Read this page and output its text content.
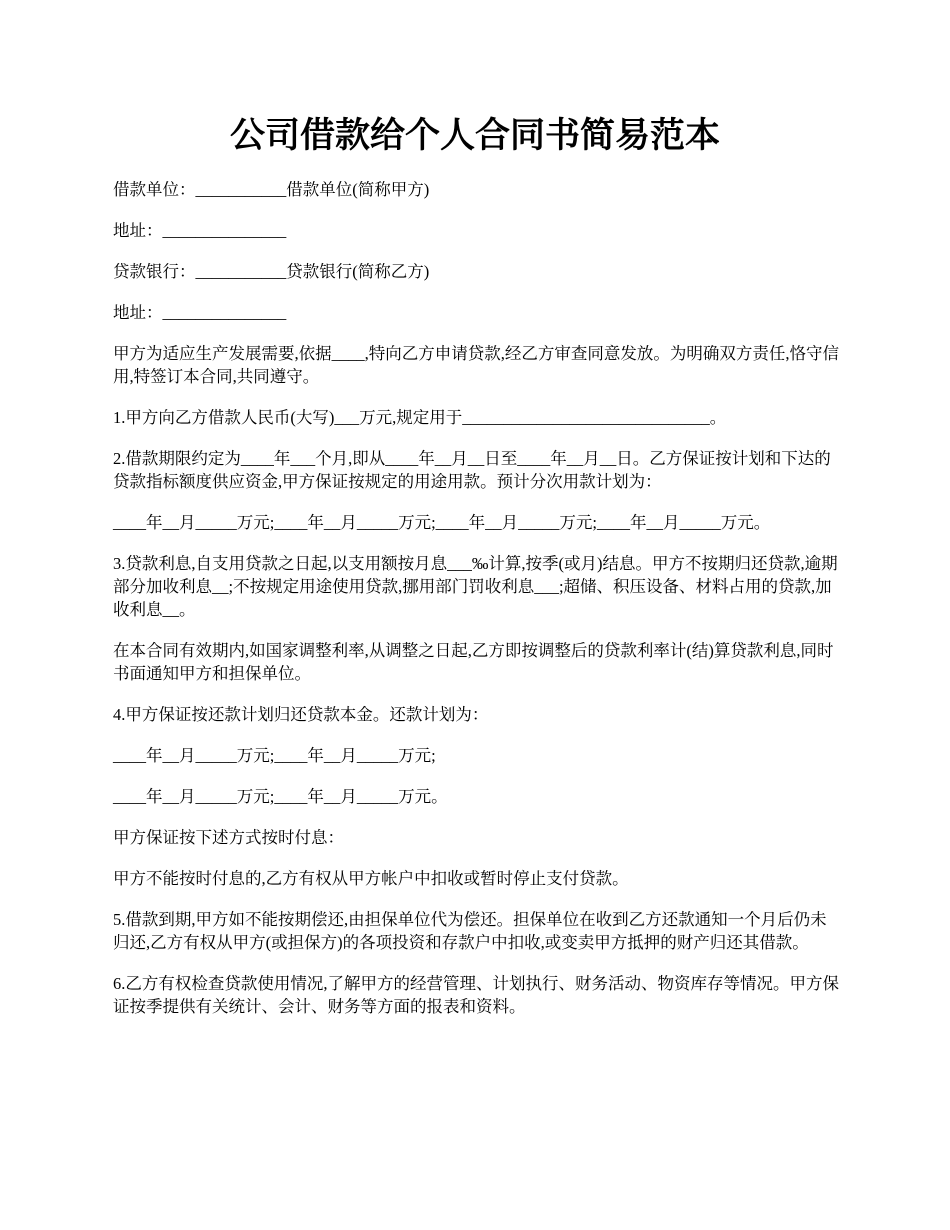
公司借款给个人合同书简易范本

借款单位：___________借款单位(简称甲方)

地址：_______________

贷款银行：___________贷款银行(简称乙方)

地址：_______________

甲方为适应生产发展需要,依据____,特向乙方申请贷款,经乙方审查同意发放。为明确双方责任,恪守信用,特签订本合同,共同遵守。

1.甲方向乙方借款人民币(大写)___万元,规定用于______________________________。

2.借款期限约定为____年___个月,即从____年__月__日至____年__月__日。乙方保证按计划和下达的贷款指标额度供应资金,甲方保证按规定的用途用款。预计分次用款计划为：

____年__月_____万元;____年__月_____万元;____年__月_____万元;____年__月_____万元。

3.贷款利息,自支用贷款之日起,以支用额按月息___‰计算,按季(或月)结息。甲方不按期归还贷款,逾期部分加收利息__;不按规定用途使用贷款,挪用部门罚收利息___;超储、积压设备、材料占用的贷款,加收利息__。

在本合同有效期内,如国家调整利率,从调整之日起,乙方即按调整后的贷款利率计(结)算贷款利息,同时书面通知甲方和担保单位。

4.甲方保证按还款计划归还贷款本金。还款计划为：

____年__月_____万元;____年__月_____万元;

____年__月_____万元;____年__月_____万元。

甲方保证按下述方式按时付息：

甲方不能按时付息的,乙方有权从甲方帐户中扣收或暂时停止支付贷款。

5.借款到期,甲方如不能按期偿还,由担保单位代为偿还。担保单位在收到乙方还款通知一个月后仍未归还,乙方有权从甲方(或担保方)的各项投资和存款户中扣收,或变卖甲方抵押的财产归还其借款。

6.乙方有权检查贷款使用情况,了解甲方的经营管理、计划执行、财务活动、物资库存等情况。甲方保证按季提供有关统计、会计、财务等方面的报表和资料。
